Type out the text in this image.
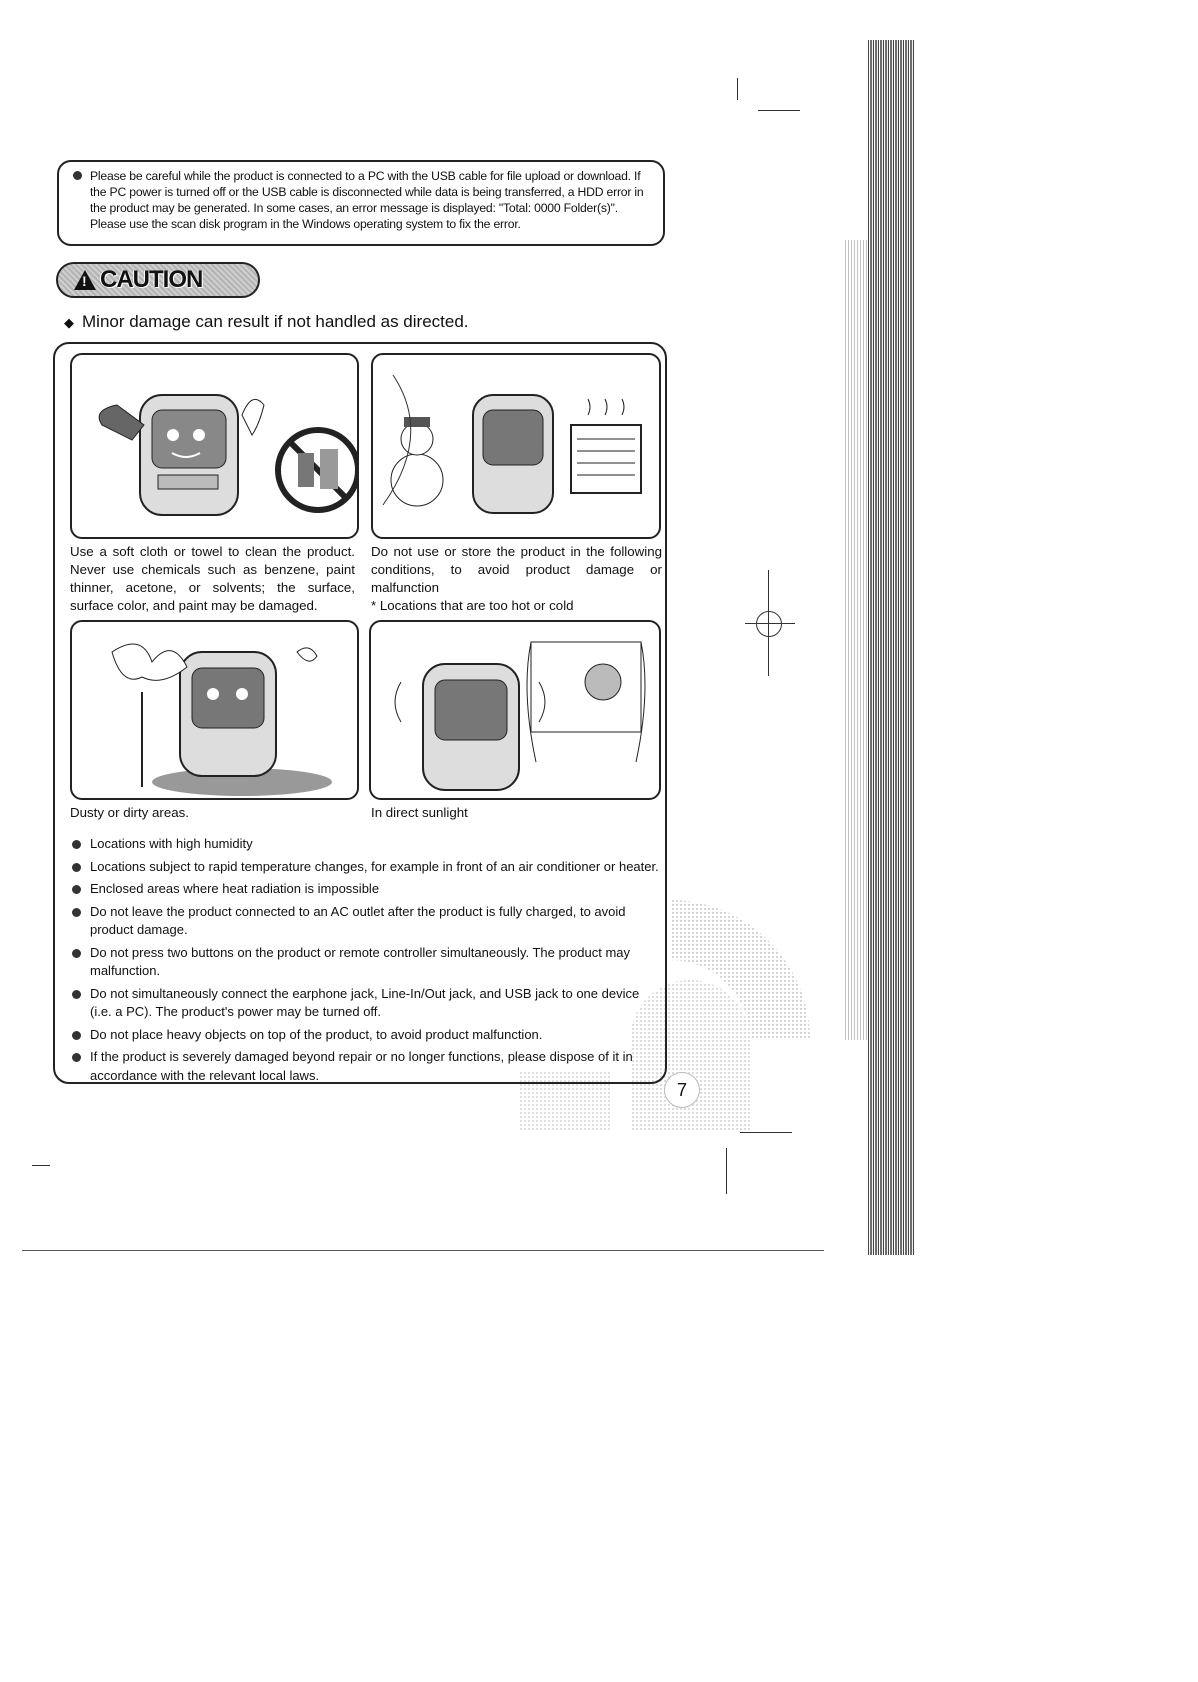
Please be careful while the product is connected to a PC with the USB cable for file upload or download. If
the PC power is turned off or the USB cable is disconnected while data is being transferred, a HDD error in
the product may be generated. In some cases, an error message is displayed: "Total: 0000 Folder(s)".
Please use the scan disk program in the Windows operating system to fix the error.
!
CAUTION
◆ Minor damage can result if not handled as directed.
Use a soft cloth or towel to clean the product. Never use chemicals such as benzene, paint thinner, acetone, or solvents; the surface, surface color, and paint may be damaged.
Do not use or store the product in the following conditions, to avoid product damage or malfunction
* Locations that are too hot or cold
Dusty or dirty areas.	In direct sunlight
Locations with high humidity
Locations subject to rapid temperature changes, for example in front of an air conditioner or heater.
Enclosed areas where heat radiation is impossible
Do not leave the product connected to an AC outlet after the product is fully charged, to avoid product damage.
Do not press two buttons on the product or remote controller simultaneously. The product may malfunction.
Do not simultaneously connect the earphone jack, Line-In/Out jack, and USB jack to one device (i.e. a PC). The product's power may be turned off.
Do not place heavy objects on top of the product, to avoid product malfunction.
If the product is severely damaged beyond repair or no longer functions, please dispose of it in accordance with the relevant local laws.
7
